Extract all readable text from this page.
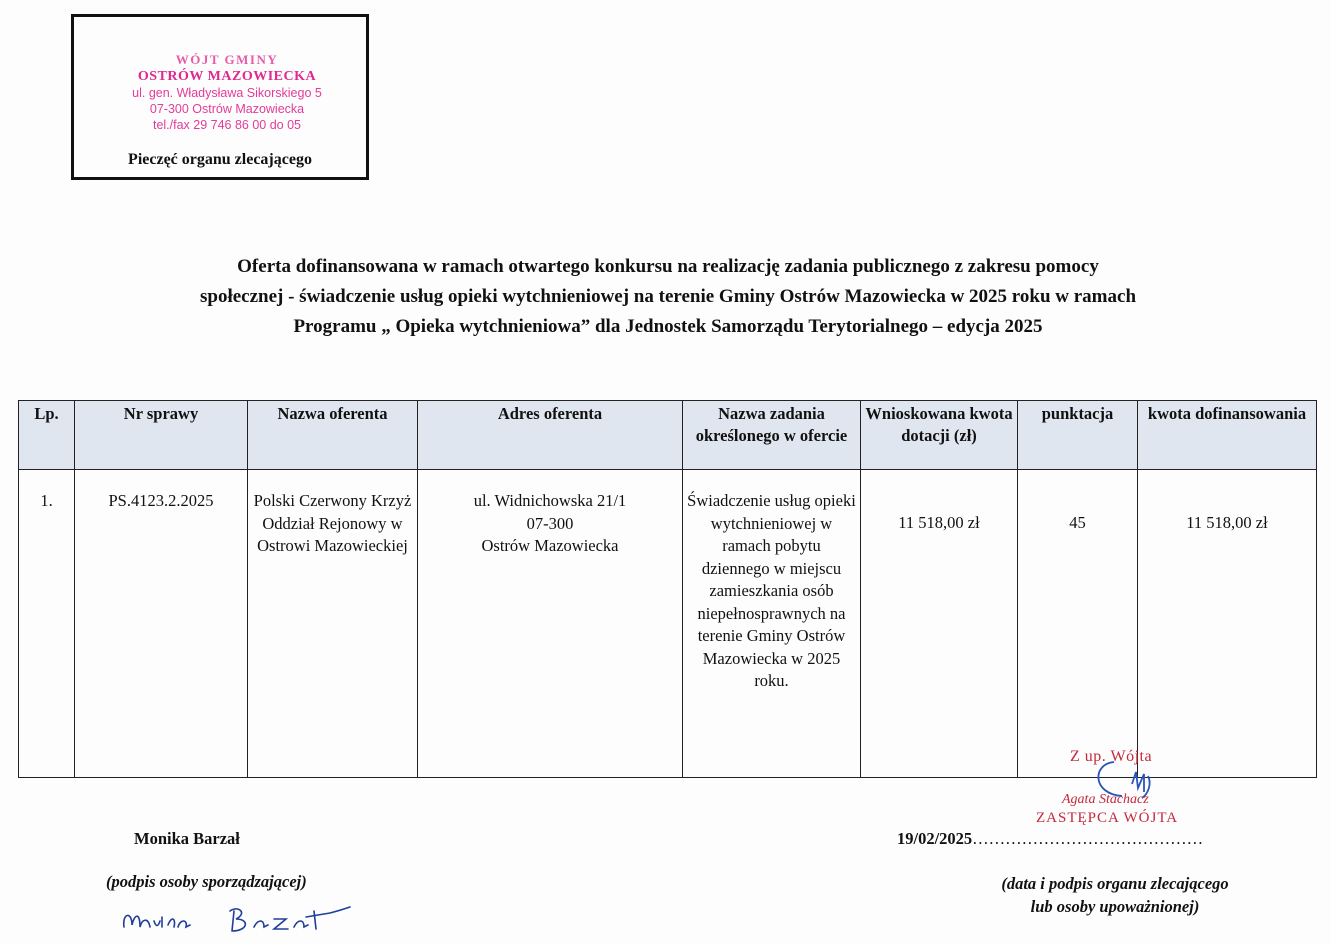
WÓJT GMINY
OSTRÓW MAZOWIECKA
ul. gen. Władysława Sikorskiego 5
07-300 Ostrów Mazowiecka
tel./fax 29 746 86 00 do 05
Pieczęć organu zlecającego
Oferta dofinansowana w ramach otwartego konkursu na realizację zadania publicznego z zakresu pomocy
społecznej - świadczenie usług opieki wytchnieniowej na terenie Gminy Ostrów Mazowiecka w 2025 roku w ramach
Programu „ Opieka wytchnieniowa” dla Jednostek Samorządu Terytorialnego – edycja 2025
Lp.	Nr sprawy	Nazwa oferenta	Adres oferenta	Nazwa zadania określonego w ofercie	Wnioskowana kwota dotacji (zł)	punktacja	kwota dofinansowania
1.	PS.4123.2.2025	Polski Czerwony Krzyż Oddział Rejonowy w Ostrowi Mazowieckiej	ul. Widnichowska 21/1
07-300
Ostrów Mazowiecka	Świadczenie usług opieki wytchnieniowej w ramach pobytu dziennego w miejscu zamieszkania osób niepełnosprawnych na terenie Gminy Ostrów Mazowiecka w 2025 roku.	11 518,00 zł	45	11 518,00 zł
Z up. Wójta
Agata Stachacz
ZASTĘPCA WÓJTA
Monika Barzał
(podpis osoby sporządzającej)
19/02/2025……………………………………
(data i podpis organu zlecającego
lub osoby upoważnionej)
